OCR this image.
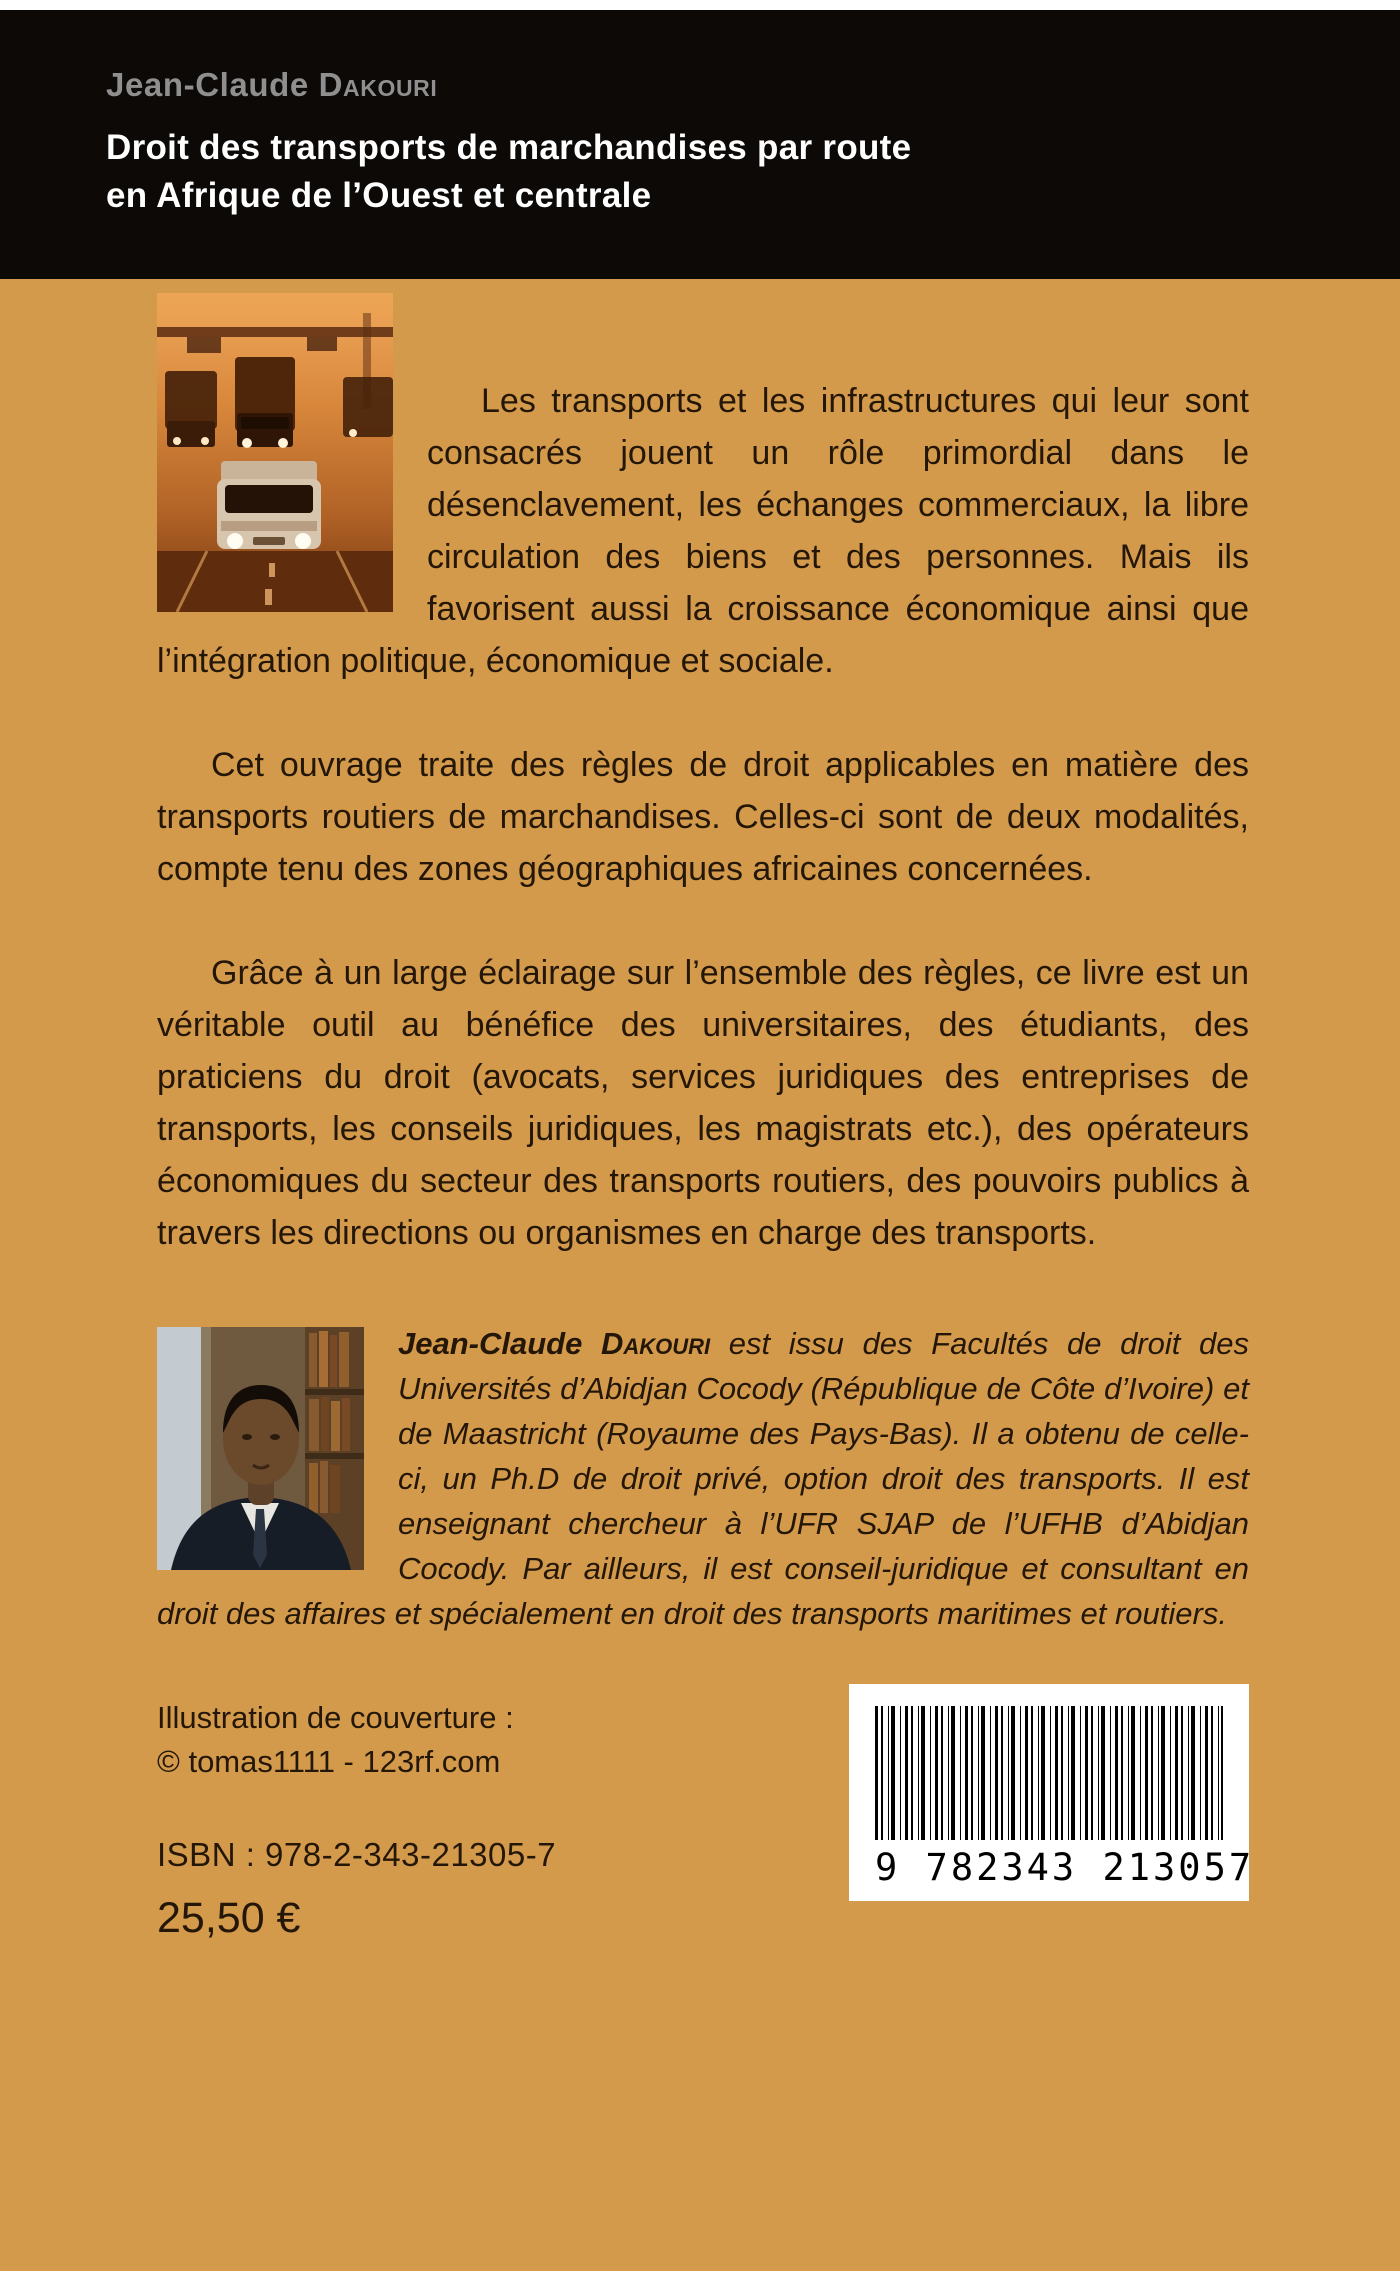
Jean-Claude Dakouri
Droit des transports de marchandises par route
en Afrique de l’Ouest et centrale

Les transports et les infrastructures qui leur sont consacrés jouent un rôle primordial dans le désenclavement, les échanges commerciaux, la libre circulation des biens et des personnes. Mais ils favorisent aussi la croissance économique ainsi que l’intégration politique, économique et sociale.

Cet ouvrage traite des règles de droit applicables en matière des transports routiers de marchandises. Celles-ci sont de deux modalités, compte tenu des zones géographiques africaines concernées.

Grâce à un large éclairage sur l’ensemble des règles, ce livre est un véritable outil au bénéfice des universitaires, des étudiants, des praticiens du droit (avocats, services juridiques des entreprises de transports, les conseils juridiques, les magistrats etc.), des opérateurs économiques du secteur des transports routiers, des pouvoirs publics à travers les directions ou organismes en charge des transports.

Jean-Claude Dakouri est issu des Facultés de droit des Universités d’Abidjan Cocody (République de Côte d’Ivoire) et de Maastricht (Royaume des Pays-Bas). Il a obtenu de celle-ci, un Ph.D de droit privé, option droit des transports. Il est enseignant chercheur à l’UFR SJAP de l’UFHB d’Abidjan Cocody. Par ailleurs, il est conseil-juridique et consultant en droit des affaires et spécialement en droit des transports maritimes et routiers.

Illustration de couverture :
© tomas1111 - 123rf.com
ISBN : 978-2-343-21305-7
25,50 €
9 782343 213057
